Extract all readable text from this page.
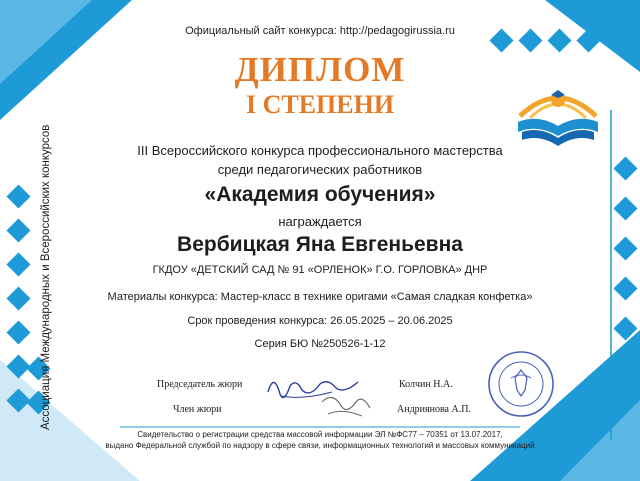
Ассоциация Международных и Всероссийских конкурсов
Официальный сайт конкурса: http://pedagogirussia.ru
ДИПЛОМ
I СТЕПЕНИ
III Всероссийского конкурса профессионального мастерства
среди педагогических работников
«Академия обучения»
награждается
Вербицкая Яна Евгеньевна
ГКДОУ «ДЕТСКИЙ САД № 91 «ОРЛЕНОК» Г.О. ГОРЛОВКА» ДНР
Материалы конкурса: Мастер-класс в технике оригами «Самая сладкая конфетка»
Срок проведения конкурса: 26.05.2025 – 20.06.2025
Серия БЮ №250526-1-12
Председатель жюри	Колчин Н.А.
Член жюри	Андриянова А.П.
Свидетельство о регистрации средства массовой информации ЭЛ №ФС77 – 70351 от 13.07.2017,
выдано Федеральной службой по надзору в сфере связи, информационных технологий и массовых коммуникаций
